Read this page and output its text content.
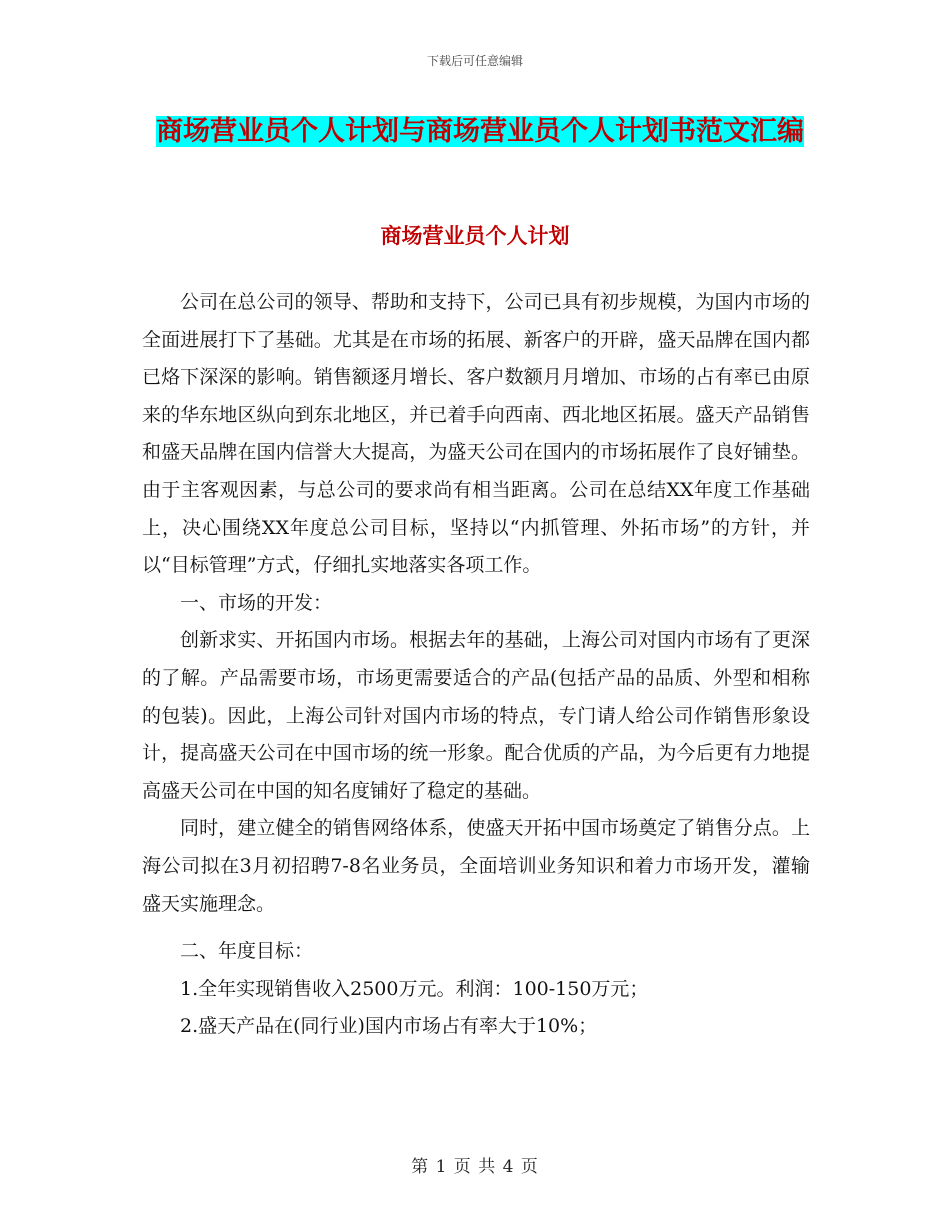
下载后可任意编辑
商场营业员个人计划与商场营业员个人计划书范文汇编
商场营业员个人计划

公司在总公司的领导、帮助和支持下，公司已具有初步规模，为国内市场的全面进展打下了基础。尤其是在市场的拓展、新客户的开辟，盛天品牌在国内都已烙下深深的影响。销售额逐月增长、客户数额月月增加、市场的占有率已由原来的华东地区纵向到东北地区，并已着手向西南、西北地区拓展。盛天产品销售和盛天品牌在国内信誉大大提高，为盛天公司在国内的市场拓展作了良好铺垫。由于主客观因素，与总公司的要求尚有相当距离。公司在总结XX年度工作基础上，决心围绕XX年度总公司目标，坚持以“内抓管理、外拓市场”的方针，并以“目标管理”方式，仔细扎实地落实各项工作。

一、市场的开发：

创新求实、开拓国内市场。根据去年的基础，上海公司对国内市场有了更深的了解。产品需要市场，市场更需要适合的产品(包括产品的品质、外型和相称的包装)。因此，上海公司针对国内市场的特点，专门请人给公司作销售形象设计，提高盛天公司在中国市场的统一形象。配合优质的产品，为今后更有力地提高盛天公司在中国的知名度铺好了稳定的基础。

同时，建立健全的销售网络体系，使盛天开拓中国市场奠定了销售分点。上海公司拟在3月初招聘7-8名业务员，全面培训业务知识和着力市场开发，灌输盛天实施理念。

二、年度目标：

1.全年实现销售收入2500万元。利润：100-150万元；

2.盛天产品在(同行业)国内市场占有率大于10%；

第 1 页 共 4 页
